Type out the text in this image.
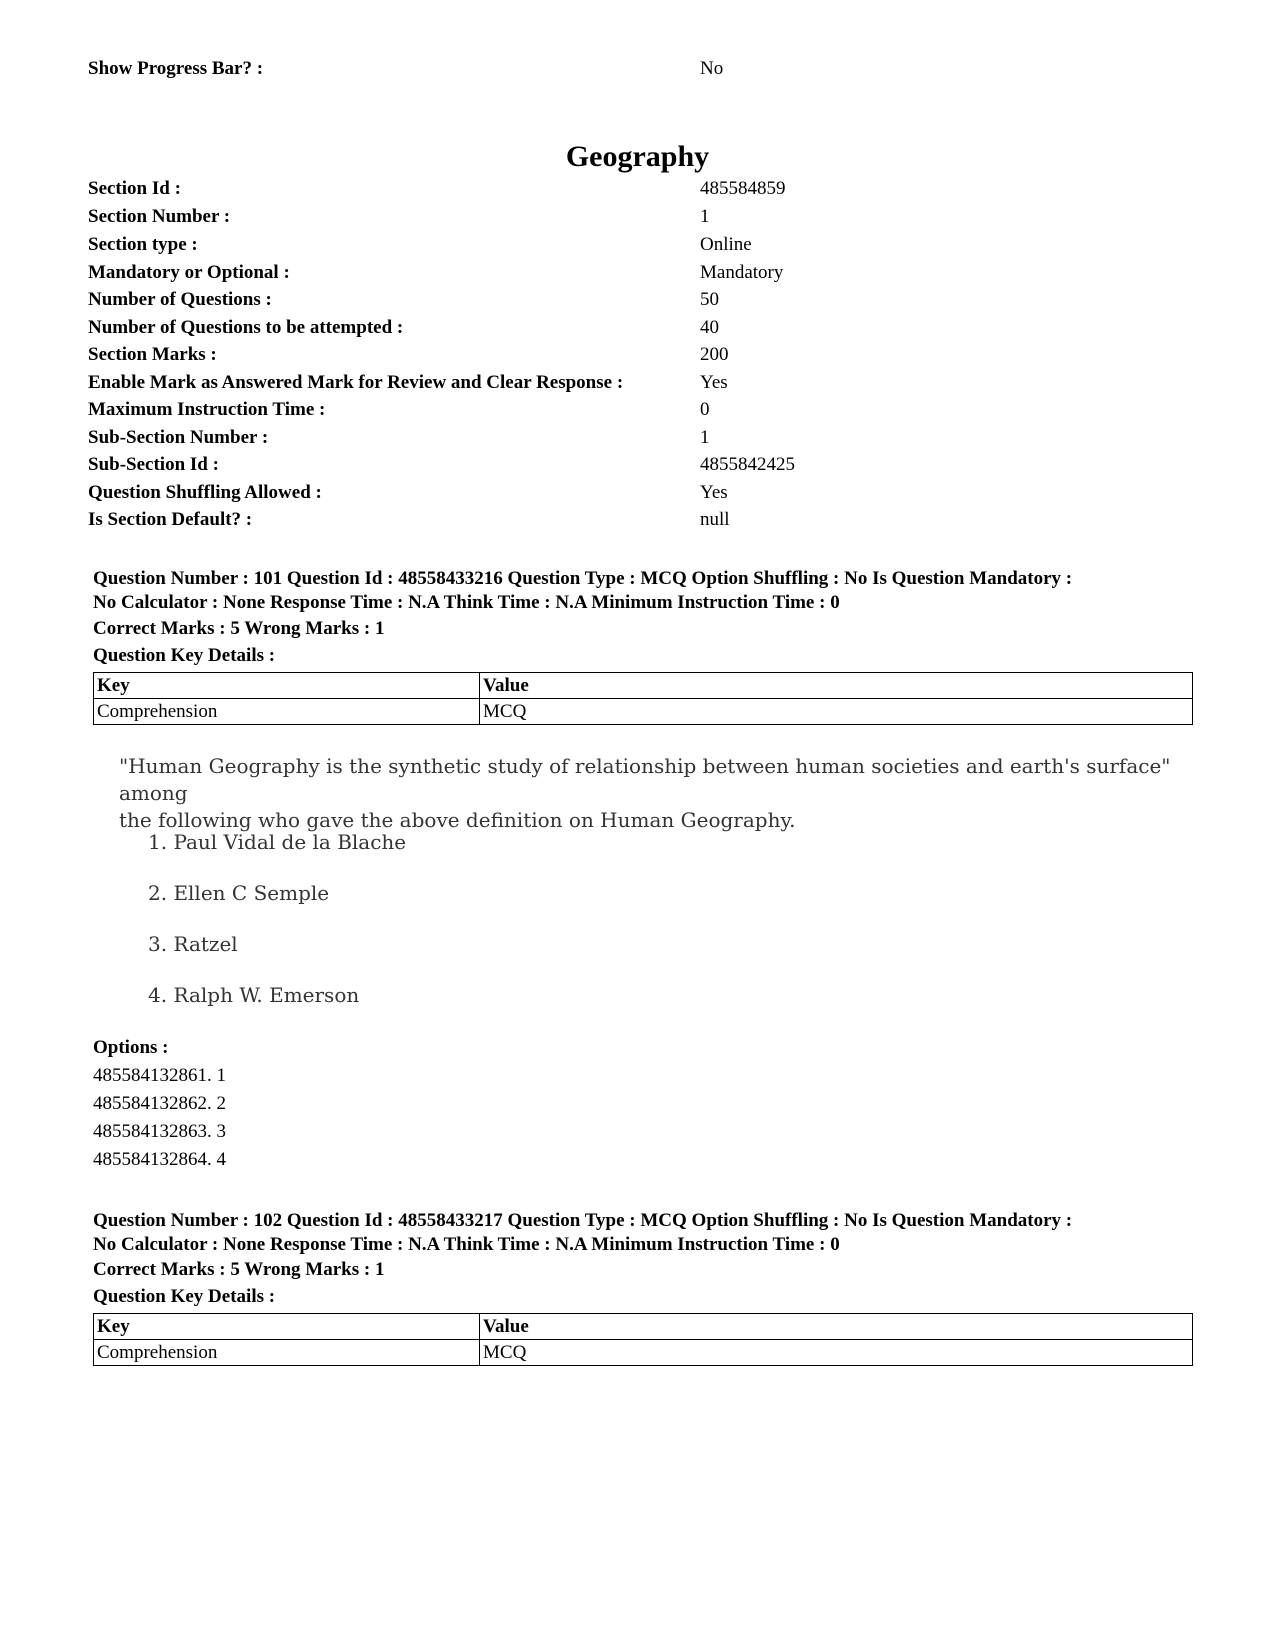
Show Progress Bar? :	No
Geography
Section Id :	485584859
Section Number :	1
Section type :	Online
Mandatory or Optional :	Mandatory
Number of Questions :	50
Number of Questions to be attempted :	40
Section Marks :	200
Enable Mark as Answered Mark for Review and Clear Response :	Yes
Maximum Instruction Time :	0
Sub-Section Number :	1
Sub-Section Id :	4855842425
Question Shuffling Allowed :	Yes
Is Section Default? :	null
Question Number : 101 Question Id : 48558433216 Question Type : MCQ Option Shuffling : No Is Question Mandatory :
No Calculator : None Response Time : N.A Think Time : N.A Minimum Instruction Time : 0
Correct Marks : 5 Wrong Marks : 1
Question Key Details :
Key	Value
Comprehension	MCQ
"Human Geography is the synthetic study of relationship between human societies and earth's surface" among
the following who gave the above definition on Human Geography.
1. Paul Vidal de la Blache
2. Ellen C Semple
3. Ratzel
4. Ralph W. Emerson
Options :
485584132861. 1
485584132862. 2
485584132863. 3
485584132864. 4
Question Number : 102 Question Id : 48558433217 Question Type : MCQ Option Shuffling : No Is Question Mandatory :
No Calculator : None Response Time : N.A Think Time : N.A Minimum Instruction Time : 0
Correct Marks : 5 Wrong Marks : 1
Question Key Details :
Key	Value
Comprehension	MCQ
